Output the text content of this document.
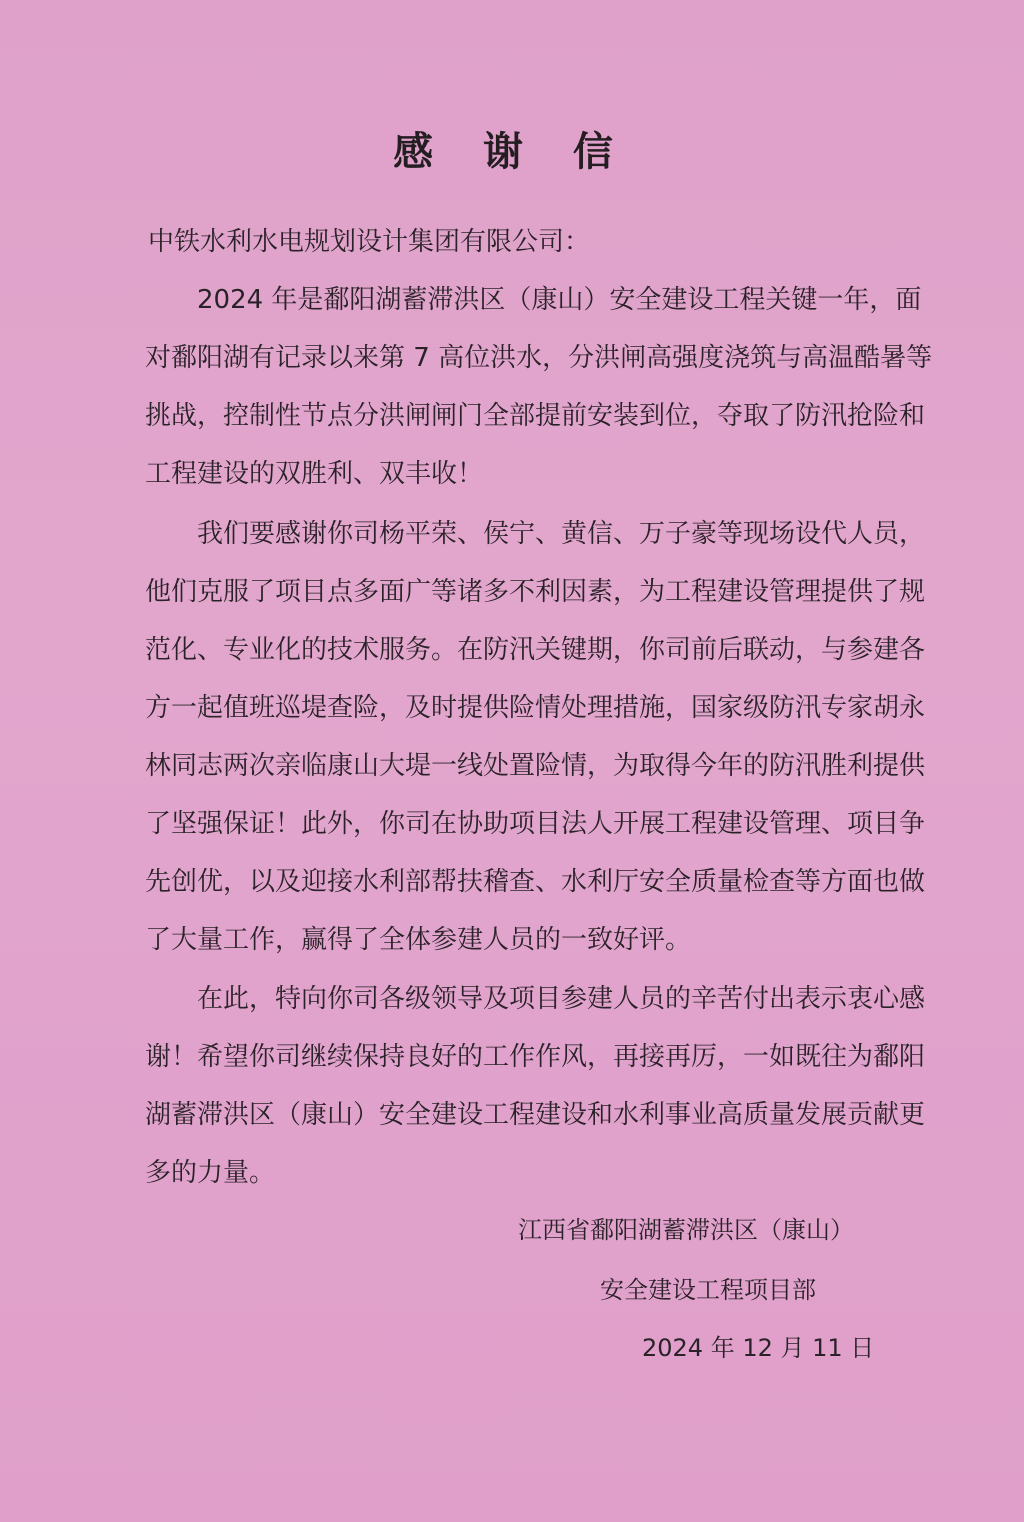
感 谢 信
中铁水利水电规划设计集团有限公司：
2024 年是鄱阳湖蓄滞洪区（康山）安全建设工程关键一年，面
对鄱阳湖有记录以来第 7 高位洪水，分洪闸高强度浇筑与高温酷暑等
挑战，控制性节点分洪闸闸门全部提前安装到位，夺取了防汛抢险和
工程建设的双胜利、双丰收！
我们要感谢你司杨平荣、侯宁、黄信、万子豪等现场设代人员，
他们克服了项目点多面广等诸多不利因素，为工程建设管理提供了规
范化、专业化的技术服务。在防汛关键期，你司前后联动，与参建各
方一起值班巡堤查险，及时提供险情处理措施，国家级防汛专家胡永
林同志两次亲临康山大堤一线处置险情，为取得今年的防汛胜利提供
了坚强保证！此外，你司在协助项目法人开展工程建设管理、项目争
先创优，以及迎接水利部帮扶稽查、水利厅安全质量检查等方面也做
了大量工作，赢得了全体参建人员的一致好评。
在此，特向你司各级领导及项目参建人员的辛苦付出表示衷心感
谢！希望你司继续保持良好的工作作风，再接再厉，一如既往为鄱阳
湖蓄滞洪区（康山）安全建设工程建设和水利事业高质量发展贡献更
多的力量。
江西省鄱阳湖蓄滞洪区（康山）
安全建设工程项目部
2024 年 12 月 11 日
